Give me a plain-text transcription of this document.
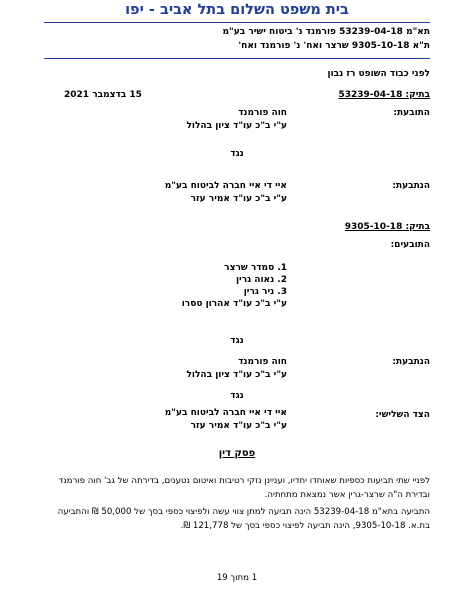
בית משפט השלום בתל אביב - יפו
תא"מ 53239-04-18 פורמנד נ' ביטוח ישיר בע"מ
ת"א 9305-10-18 שרצר ואח' נ' פורמנד ואח'
לפני כבוד השופט רז נבון
בתיק: 53239-04-18
15 בדצמבר 2021
התובעת:
חוה פורמנד
ע"י ב"כ עו"ד ציון בהלול
נגד
הנתבעת:
איי די איי חברה לביטוח בע"מ
ע"י ב"כ עו"ד אמיר עזר
בתיק: 9305-10-18
התובעים:
1. סמדר שרצר
2. נאוה גרין
3. ניר גרין
ע"י ב"כ עו"ד אהרון טסרו
נגד
הנתבעת:
חוה פורמנד
ע"י ב"כ עו"ד ציון בהלול
נגד
הצד השלישי:
איי די איי חברה לביטוח בע"מ
ע"י ב"כ עו"ד אמיר עזר
פסק דין
לפניי שתי תביעות כספיות שאוחדו יחדיו, ועניינן נזקי רטיבות ואיטום נטענים, בדירתה של גב' חוה פורמנד ובדירת ה"ה שרצר-גרין אשר נמצאת מתחתיה.
התביעה בתא"מ 53239-04-18 הינה תביעה למתן צווי עשה ולפיצוי כספי בסך של 50,000 ₪ והתביעה בת.א. 9305-10-18, הינה תביעה לפיצוי כספי בסך של 121,778 ₪.
1 מתוך 19
